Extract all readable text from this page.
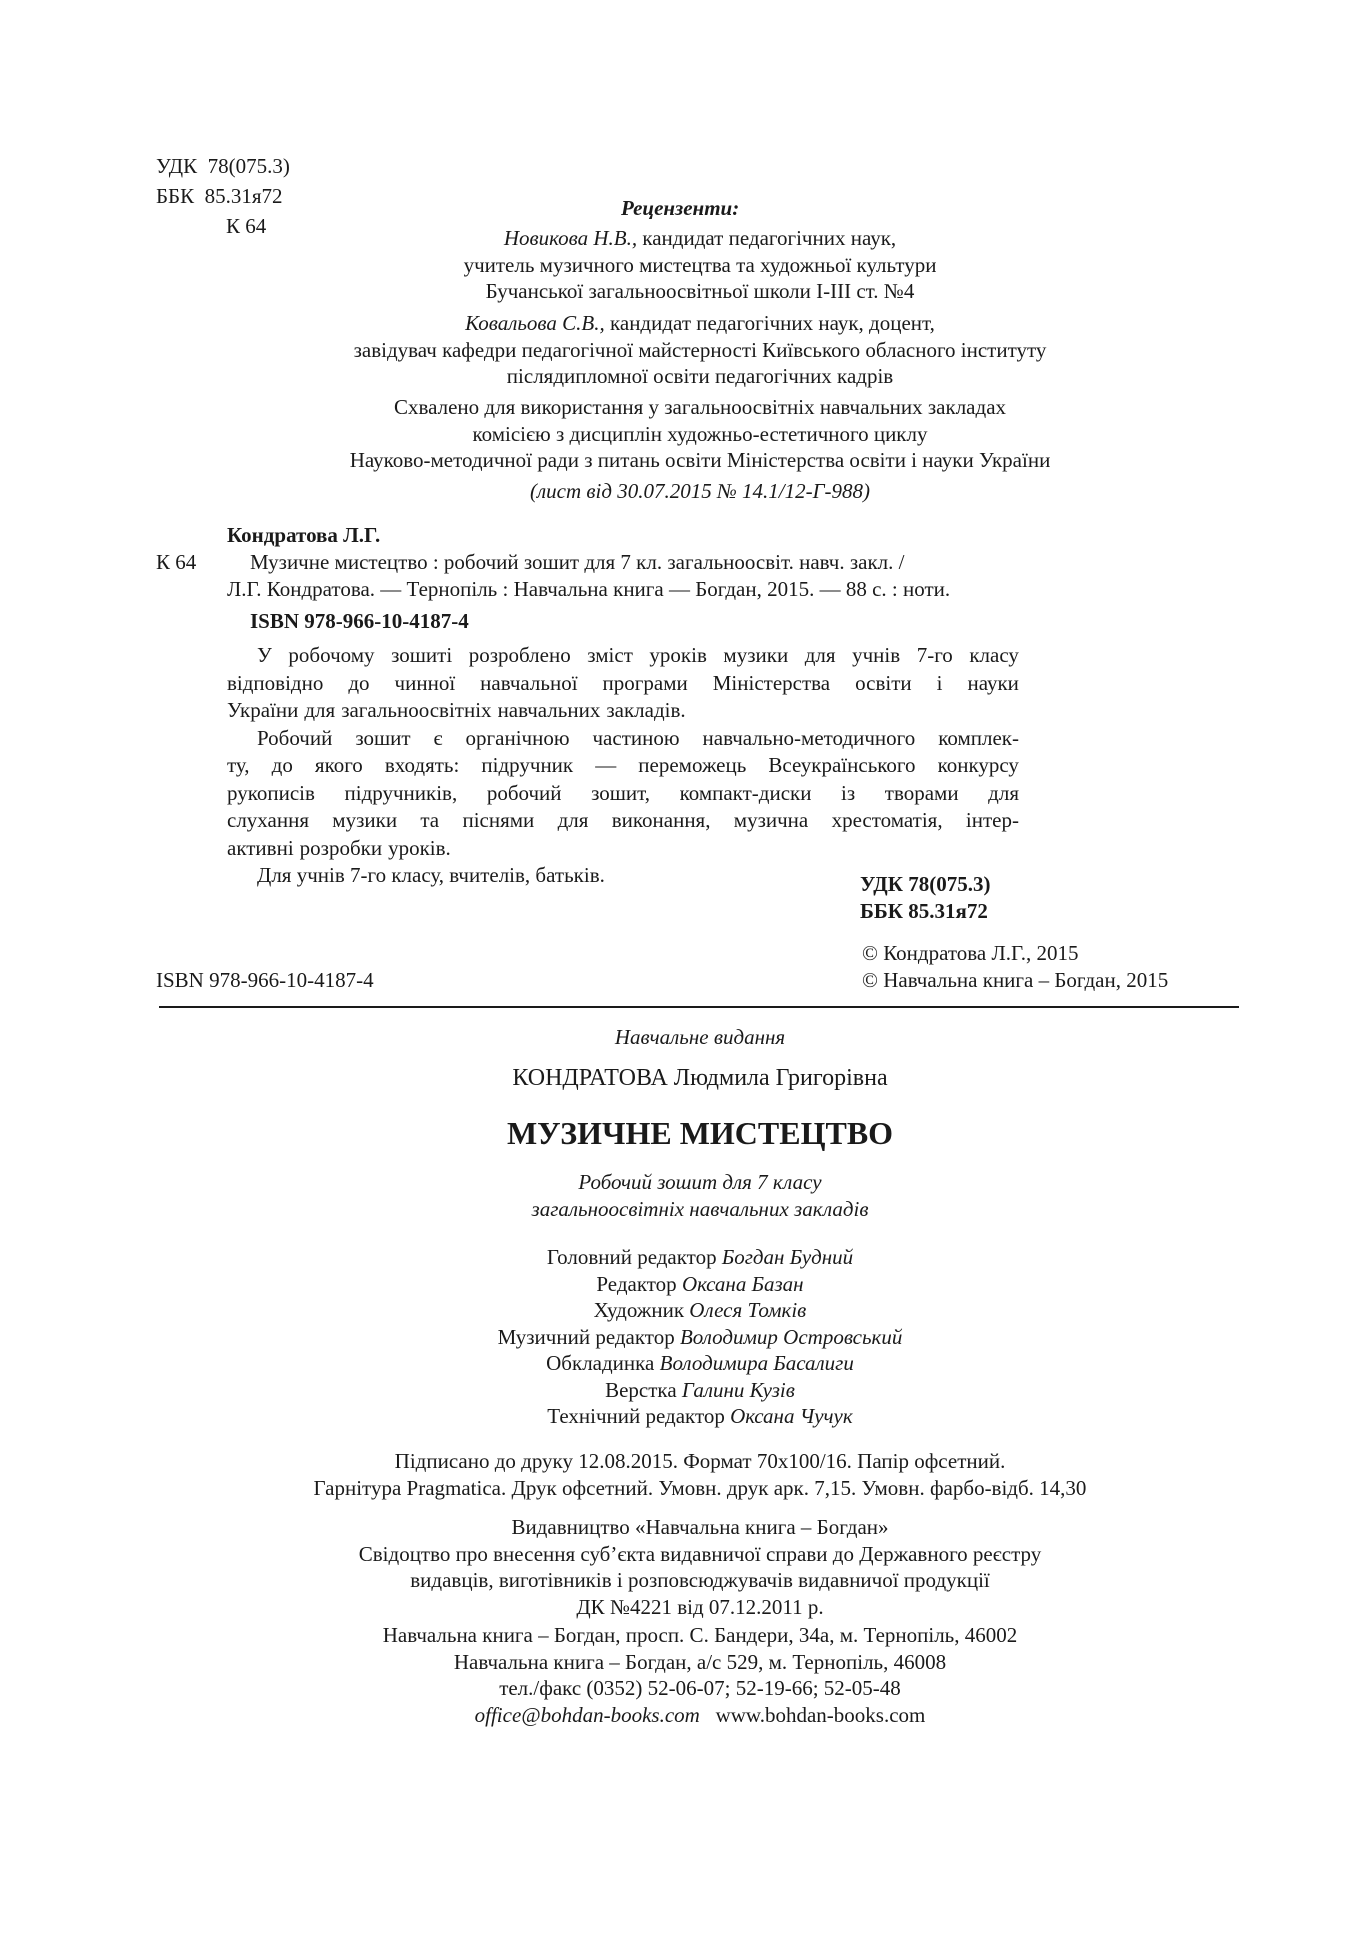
УДК 78(075.3)
ББК 85.31я72
К 64
Рецензенти:
Новикова Н.В., кандидат педагогічних наук,
учитель музичного мистецтва та художньої культури
Бучанської загальноосвітньої школи І-ІІІ ст. №4
Ковальова С.В., кандидат педагогічних наук, доцент,
завідувач кафедри педагогічної майстерності Київського обласного інституту
післядипломної освіти педагогічних кадрів
Схвалено для використання у загальноосвітніх навчальних закладах
комісією з дисциплін художньо-естетичного циклу
Науково-методичної ради з питань освіти Міністерства освіти і науки України
(лист від 30.07.2015 № 14.1/12-Г-988)
Кондратова Л.Г.
К 64	Музичне мистецтво : робочий зошит для 7 кл. загальноосвіт. навч. закл. /
Л.Г. Кондратова. — Тернопіль : Навчальна книга — Богдан, 2015. — 88 с. : ноти.
ISBN 978-966-10-4187-4
У робочому зошиті розроблено зміст уроків музики для учнів 7-го класу
відповідно до чинної навчальної програми Міністерства освіти і науки
України для загальноосвітніх навчальних закладів.
Робочий зошит є органічною частиною навчально-методичного комплек-
ту, до якого входять: підручник — переможець Всеукраїнського конкурсу
рукописів підручників, робочий зошит, компакт-диски із творами для
слухання музики та піснями для виконання, музична хрестоматія, інтер-
активні розробки уроків.
Для учнів 7-го класу, вчителів, батьків.	УДК 78(075.3)
ББК 85.31я72
© Кондратова Л.Г., 2015
© Навчальна книга – Богдан, 2015
ISBN 978-966-10-4187-4
Навчальне видання
КОНДРАТОВА Людмила Григорівна
МУЗИЧНЕ МИСТЕЦТВО
Робочий зошит для 7 класу
загальноосвітніх навчальних закладів
Головний редактор Богдан Будний
Редактор Оксана Базан
Художник Олеся Томків
Музичний редактор Володимир Островський
Обкладинка Володимира Басалиги
Верстка Галини Кузів
Технічний редактор Оксана Чучук
Підписано до друку 12.08.2015. Формат 70x100/16. Папір офсетний.
Гарнітура Pragmatica. Друк офсетний. Умовн. друк арк. 7,15. Умовн. фарбо-відб. 14,30
Видавництво «Навчальна книга – Богдан»
Свідоцтво про внесення суб’єкта видавничої справи до Державного реєстру
видавців, виготівників і розповсюджувачів видавничої продукції
ДК №4221 від 07.12.2011 р.
Навчальна книга – Богдан, просп. С. Бандери, 34а, м. Тернопіль, 46002
Навчальна книга – Богдан, а/с 529, м. Тернопіль, 46008
тел./факс (0352) 52-06-07; 52-19-66; 52-05-48
office@bohdan-books.com www.bohdan-books.com
